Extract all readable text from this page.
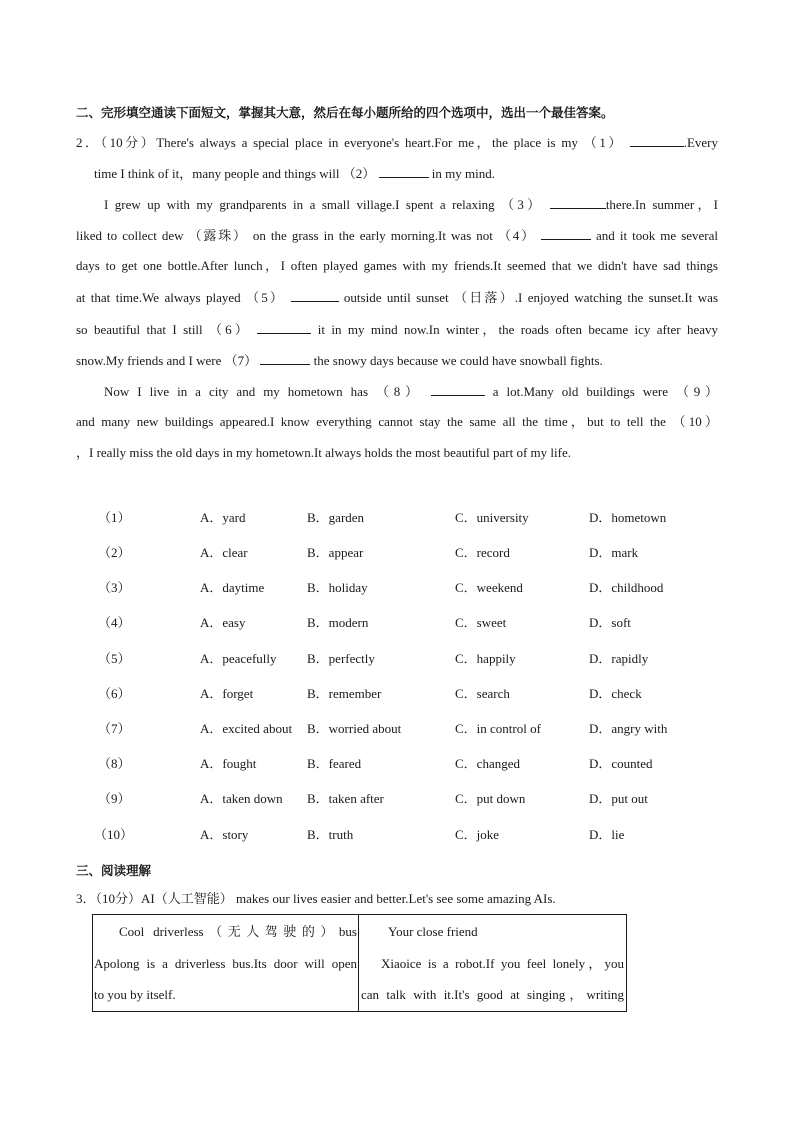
二、完形填空通读下面短文，掌握其大意，然后在每小题所给的四个选项中，选出一个最佳答案。
2．（10分）There's always a special place in everyone's heart.For me，the place is my （1）	.Every
time I think of it，many people and things will （2）	in my mind.
I grew up with my grandparents in a small village.I spent a relaxing （3）	there.In summer，I
liked to collect dew （露珠） on the grass in the early morning.It was not （4）	and it took me several
days to get one bottle.After lunch，I often played games with my friends.It seemed that we didn't have sad things
at that time.We always played （5）	outside until sunset （日落）.I enjoyed watching the sunset.It was
so beautiful that I still （6）	it in my mind now.In winter，the roads often became icy after heavy
snow.My friends and I were （7）	the snowy days because we could have snowball fights.
Now I live in a city and my hometown has （8）	a lot.Many old buildings were （9）
and many new buildings appeared.I know everything cannot stay the same all the time，but to tell the （10）
，I really miss the old days in my hometown.It always holds the most beautiful part of my life.
（1）	A．yard	B．garden	C．university	D．hometown
（2）	A．clear	B．appear	C．record	D．mark
（3）	A．daytime	B．holiday	C．weekend	D．childhood
（4）	A．easy	B．modern	C．sweet	D．soft
（5）	A．peacefully B．perfectly	C．happily	D．rapidly
（6）	A．forget	B．remember	C．search	D．check
（7）	A．excited about B．worried about	C．in control of	D．angry with
（8）	A．fought	B．feared	C．changed	D．counted
（9）	A．taken down B．taken after	C．put down	D．put out
（10）	A．story	B．truth	C．joke	D．lie
三、阅读理解
3．（10分）AI（人工智能） makes our lives easier and better.Let's see some amazing AIs.
Cool driverless（无人驾驶的）bus
Apolong is a driverless bus.Its door will open
to you by itself.

Your close friend
Xiaoice is a robot.If you feel lonely，you
can talk with it.It's good at singing，writing
